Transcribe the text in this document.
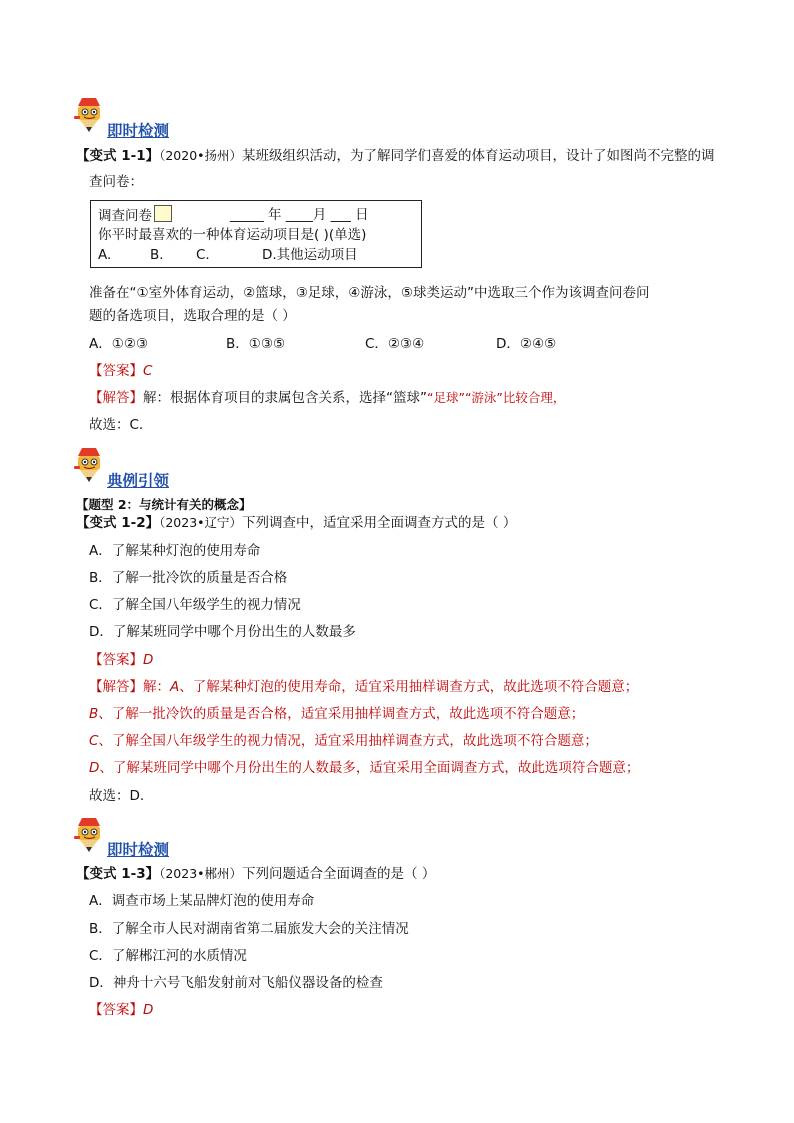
即时检测
【变式 1-1】（2020•扬州）某班级组织活动，为了解同学们喜爱的体育运动项目，设计了如图尚不完整的调
查问卷：
调查问卷	_____ 年 ____月 ___ 日
你平时最喜欢的一种体育运动项目是( )(单选)
A.	B. C.	D.其他运动项目
准备在“①室外体育运动，②篮球，③足球，④游泳，⑤球类运动”中选取三个作为该调查问卷问
题的备选项目，选取合理的是（ ）
A．①②③	B．①③⑤	C．②③④	D．②④⑤
【答案】C
【解答】解：根据体育项目的隶属包含关系，选择“篮球”“足球”“游泳”比较合理，
故选：C.
典例引领
【题型 2：与统计有关的概念】
【变式 1-2】（2023•辽宁）下列调查中，适宜采用全面调查方式的是（ ）
A．了解某种灯泡的使用寿命
B．了解一批冷饮的质量是否合格
C．了解全国八年级学生的视力情况
D．了解某班同学中哪个月份出生的人数最多
【答案】D
【解答】解：A、了解某种灯泡的使用寿命，适宜采用抽样调查方式，故此选项不符合题意；
B、了解一批冷饮的质量是否合格，适宜采用抽样调查方式，故此选项不符合题意；
C、了解全国八年级学生的视力情况，适宜采用抽样调查方式，故此选项不符合题意；
D、了解某班同学中哪个月份出生的人数最多，适宜采用全面调查方式，故此选项符合题意；
故选：D.
即时检测
【变式 1-3】（2023•郴州）下列问题适合全面调查的是（ ）
A．调查市场上某品牌灯泡的使用寿命
B．了解全市人民对湖南省第二届旅发大会的关注情况
C．了解郴江河的水质情况
D．神舟十六号飞船发射前对飞船仪器设备的检查
【答案】D
